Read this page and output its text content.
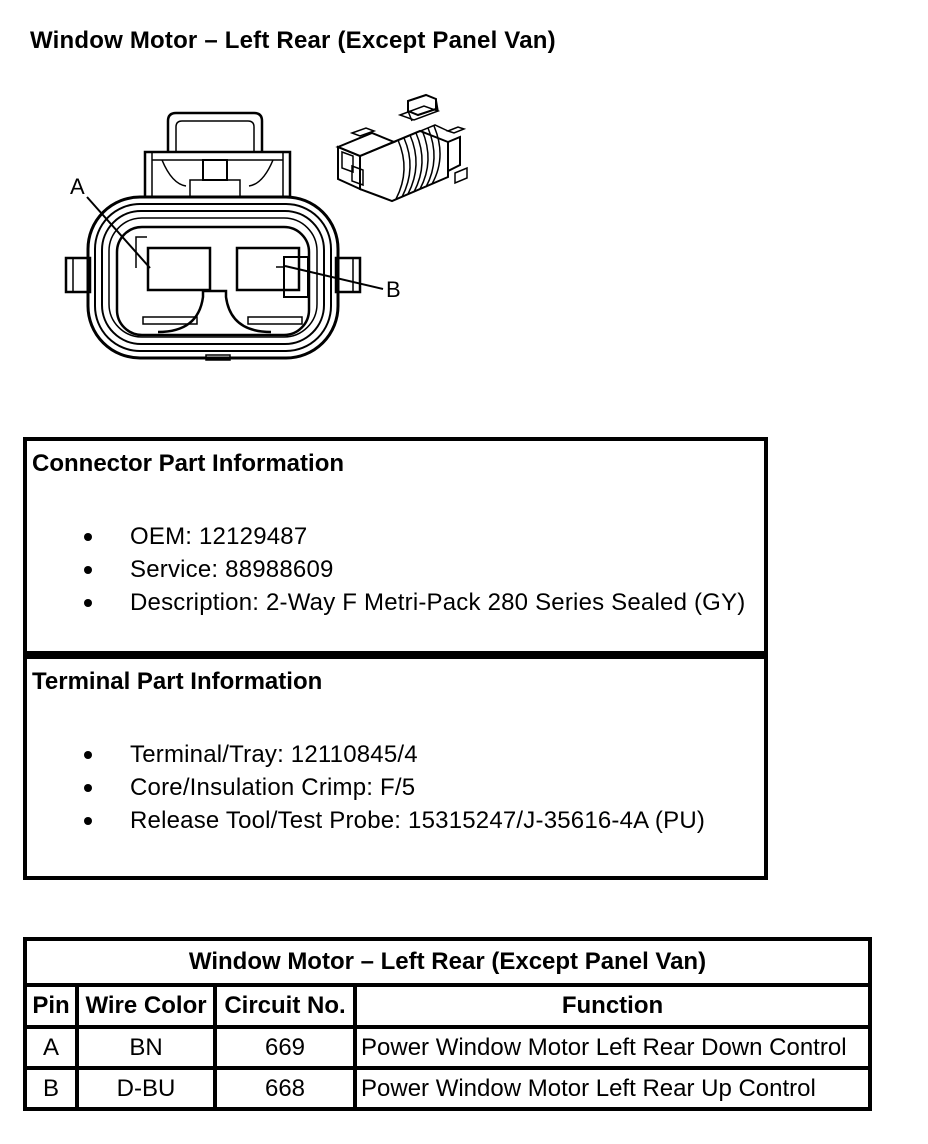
Window Motor – Left Rear (Except Panel Van)
A
B
Connector Part Information
OEM: 12129487
Service: 88988609
Description: 2-Way F Metri-Pack 280 Series Sealed (GY)
Terminal Part Information
Terminal/Tray: 12110845/4
Core/Insulation Crimp: F/5
Release Tool/Test Probe: 15315247/J-35616-4A (PU)
Window Motor – Left Rear (Except Panel Van)			
Pin	Wire Color	Circuit No.	Function
A	BN	669	Power Window Motor Left Rear Down Control
B	D-BU	668	Power Window Motor Left Rear Up Control
